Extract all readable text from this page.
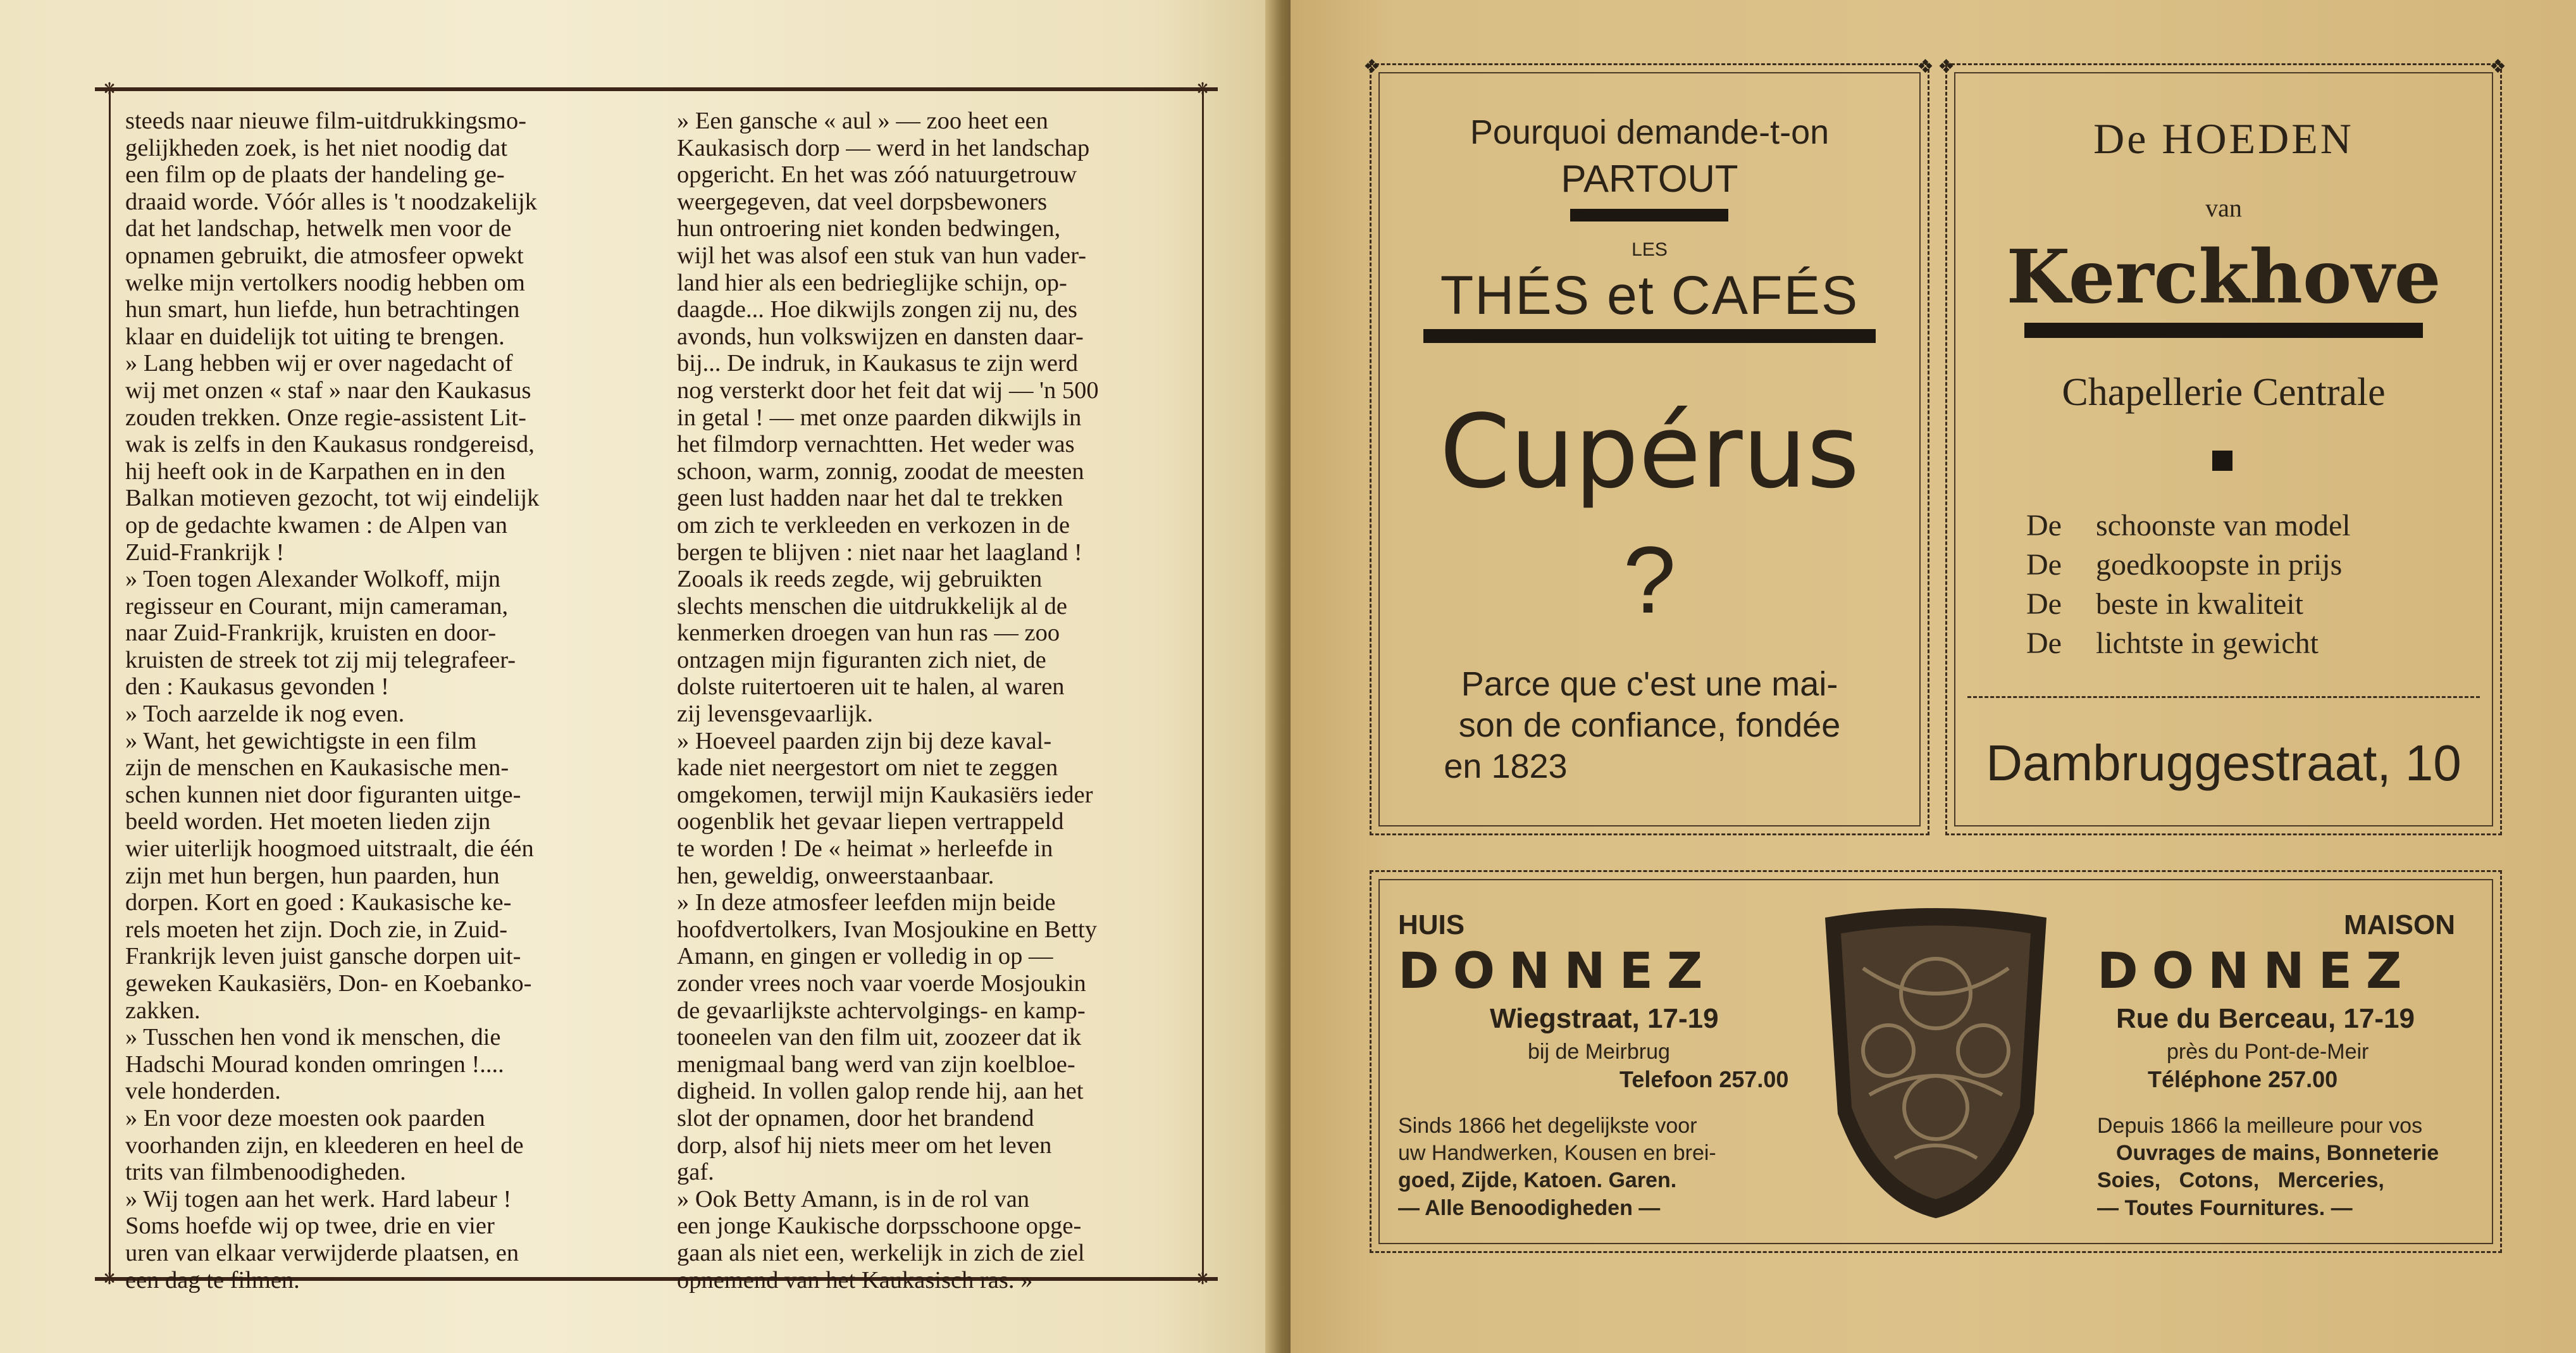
❋	❋
❋	❋

steeds naar nieuwe film-uitdrukkingsmo-

gelijkheden zoek, is het niet noodig dat

een film op de plaats der handeling ge-

draaid worde. Vóór alles is 't noodzakelijk

dat het landschap, hetwelk men voor de

opnamen gebruikt, die atmosfeer opwekt

welke mijn vertolkers noodig hebben om

hun smart, hun liefde, hun betrachtingen

klaar en duidelijk tot uiting te brengen.

» Lang hebben wij er over nagedacht of

wij met onzen « staf » naar den Kaukasus

zouden trekken. Onze regie-assistent Lit-

wak is zelfs in den Kaukasus rondgereisd,

hij heeft ook in de Karpathen en in den

Balkan motieven gezocht, tot wij eindelijk

op de gedachte kwamen : de Alpen van

Zuid-Frankrijk !

» Toen togen Alexander Wolkoff, mijn

regisseur en Courant, mijn cameraman,

naar Zuid-Frankrijk, kruisten en door-

kruisten de streek tot zij mij telegrafeer-

den : Kaukasus gevonden !

» Toch aarzelde ik nog even.

» Want, het gewichtigste in een film

zijn de menschen en Kaukasische men-

schen kunnen niet door figuranten uitge-

beeld worden. Het moeten lieden zijn

wier uiterlijk hoogmoed uitstraalt, die één

zijn met hun bergen, hun paarden, hun

dorpen. Kort en goed : Kaukasische ke-

rels moeten het zijn. Doch zie, in Zuid-

Frankrijk leven juist gansche dorpen uit-

geweken Kaukasiërs, Don- en Koebanko-

zakken.

» Tusschen hen vond ik menschen, die

Hadschi Mourad konden omringen !....

vele honderden.

» En voor deze moesten ook paarden

voorhanden zijn, en kleederen en heel de

trits van filmbenoodigheden.

» Wij togen aan het werk. Hard labeur !

Soms hoefde wij op twee, drie en vier

uren van elkaar verwijderde plaatsen, en

een dag te filmen.

» Een gansche « aul » — zoo heet een

Kaukasisch dorp — werd in het landschap

opgericht. En het was zóó natuurgetrouw

weergegeven, dat veel dorpsbewoners

hun ontroering niet konden bedwingen,

wijl het was alsof een stuk van hun vader-

land hier als een bedrieglijke schijn, op-

daagde... Hoe dikwijls zongen zij nu, des

avonds, hun volkswijzen en dansten daar-

bij... De indruk, in Kaukasus te zijn werd

nog versterkt door het feit dat wij — 'n 500

in getal ! — met onze paarden dikwijls in

het filmdorp vernachtten. Het weder was

schoon, warm, zonnig, zoodat de meesten

geen lust hadden naar het dal te trekken

om zich te verkleeden en verkozen in de

bergen te blijven : niet naar het laagland !

Zooals ik reeds zegde, wij gebruikten

slechts menschen die uitdrukkelijk al de

kenmerken droegen van hun ras — zoo

ontzagen mijn figuranten zich niet, de

dolste ruitertoeren uit te halen, al waren

zij levensgevaarlijk.

» Hoeveel paarden zijn bij deze kaval-

kade niet neergestort om niet te zeggen

omgekomen, terwijl mijn Kaukasiërs ieder

oogenblik het gevaar liepen vertrappeld

te worden ! De « heimat » herleefde in

hen, geweldig, onweerstaanbaar.

» In deze atmosfeer leefden mijn beide

hoofdvertolkers, Ivan Mosjoukine en Betty

Amann, en gingen er volledig in op —

zonder vrees noch vaar voerde Mosjoukin

de gevaarlijkste achtervolgings- en kamp-

tooneelen van den film uit, zoozeer dat ik

menigmaal bang werd van zijn koelbloe-

digheid. In vollen galop rende hij, aan het

slot der opnamen, door het brandend

dorp, alsof hij niets meer om het leven

gaf.

» Ook Betty Amann, is in de rol van

een jonge Kaukische dorpsschoone opge-

gaan als niet een, werkelijk in zich de ziel

opnemend van het Kaukasisch ras. »

❖	❖
Pourquoi demande-t-on
PARTOUT
LES
THÉS et CAFÉS
Cupérus
?
Parce que c'est une mai-
son de confiance, fondée
en 1823
❖	❖
De HOEDEN
van
Kerckhove
Chapellerie Centrale
De schoonste van model
De goedkoopste in prijs
De beste in kwaliteit
De lichtste in gewicht
Dambruggestraat, 10
HUIS
DONNEZ
Wiegstraat, 17-19
bij de Meirbrug
Telefoon 257.00
Sinds 1866 het degelijkste voor
uw Handwerken, Kousen en brei-
goed, Zijde, Katoen. Garen.
— Alle Benoodigheden —
MAISON
DONNEZ
Rue du Berceau, 17-19
près du Pont-de-Meir
Téléphone 257.00
Depuis 1866 la meilleure pour vos
Ouvrages de mains, Bonneterie
Soies, Cotons, Merceries,
— Toutes Fournitures. —
